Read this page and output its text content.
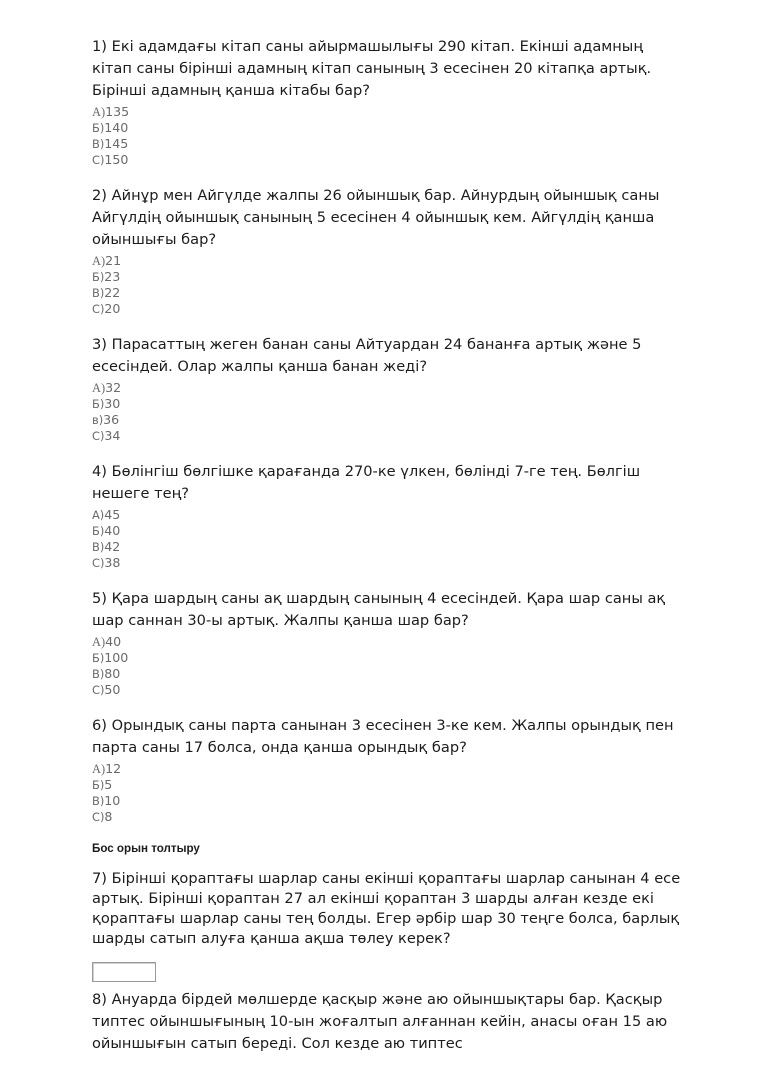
1) Екі адамдағы кітап саны айырмашылығы 290 кітап. Екінші адамның кітап саны бірінші адамның кітап санының 3 есесінен 20 кітапқа артық. Бірінші адамның қанша кітабы бар?

А)135
Б)140
В)145
С)150

2) Айнұр мен Айгүлде жалпы 26 ойыншық бар. Айнурдың ойыншық саны Айгүлдің ойыншық санының 5 есесінен 4 ойыншық кем. Айгүлдің қанша ойыншығы бар?

А)21
Б)23
В)22
С)20

3) Парасаттың жеген банан саны Айтуардан 24 бананға артық және 5 есесіндей. Олар жалпы қанша банан жеді?

А)32
Б)30
в)36
С)34

4) Бөлінгіш бөлгішке қарағанда 270-ке үлкен, бөлінді 7-ге тең. Бөлгіш нешеге тең?

А)45
Б)40
В)42
С)38

5) Қара шардың саны ақ шардың санының 4 есесіндей. Қара шар саны ақ шар саннан 30-ы артық. Жалпы қанша шар бар?

А)40
Б)100
В)80
С)50

6) Орындық саны парта санынан 3 есесінен 3-ке кем. Жалпы орындық пен парта саны 17 болса, онда қанша орындық бар?

А)12
Б)5
В)10
С)8
Бос орын толтыру

7) Бірінші қораптағы шарлар саны екінші қораптағы шарлар санынан 4 есе артық. Бірінші қораптан 27 ал екінші қораптан 3 шарды алған кезде екі қораптағы шарлар саны тең болды. Егер әрбір шар 30 теңге болса, барлық шарды сатып алуға қанша ақша төлеу керек?

8) Ануарда бірдей мөлшерде қасқыр және аю ойыншықтары бар. Қасқыр типтес ойыншығының 10-ын жоғалтып алғаннан кейін, анасы оған 15 аю ойыншығын сатып береді. Сол кезде аю типтес
